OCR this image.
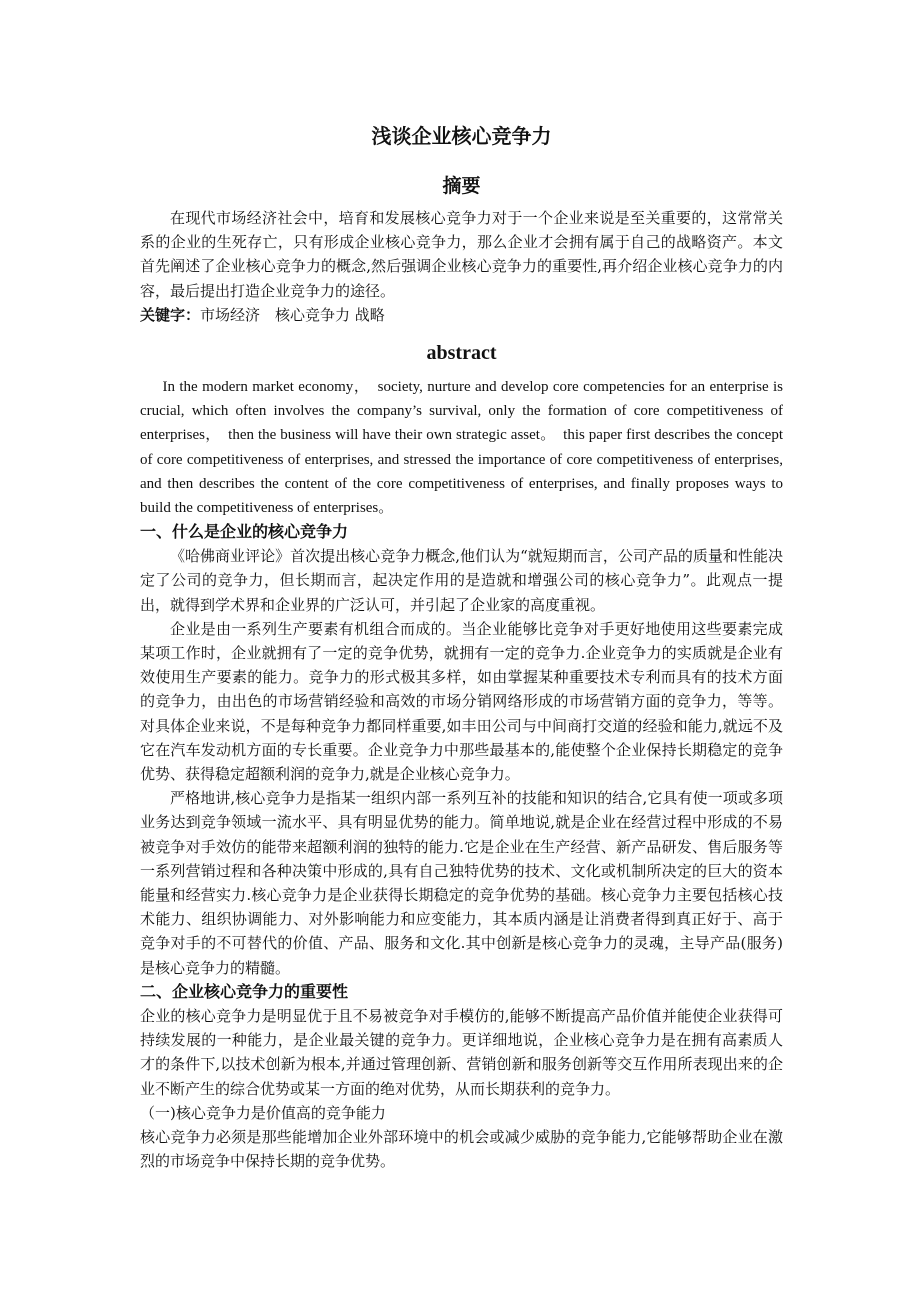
浅谈企业核心竞争力
摘要

在现代市场经济社会中，培育和发展核心竞争力对于一个企业来说是至关重要的，这常常关系的企业的生死存亡，只有形成企业核心竞争力，那么企业才会拥有属于自己的战略资产。本文首先阐述了企业核心竞争力的概念,然后强调企业核心竞争力的重要性,再介绍企业核心竞争力的内容，最后提出打造企业竞争力的途径。

关键字：市场经济　核心竞争力 战略

abstract

In the modern market economy，　society, nurture and develop core competencies for an enterprise is crucial, which often involves the company’s survival, only the formation of core competitiveness of enterprises，　then the business will have their own strategic asset。　this paper first describes the concept of core competitiveness of enterprises, and stressed the importance of core competitiveness of enterprises, and then describes the content of the core competitiveness of enterprises, and finally proposes ways to build the competitiveness of enterprises。

一、什么是企业的核心竞争力

《哈佛商业评论》首次提出核心竞争力概念,他们认为“就短期而言，公司产品的质量和性能决定了公司的竞争力，但长期而言，起决定作用的是造就和增强公司的核心竞争力”。此观点一提出，就得到学术界和企业界的广泛认可，并引起了企业家的高度重视。

企业是由一系列生产要素有机组合而成的。当企业能够比竞争对手更好地使用这些要素完成某项工作时，企业就拥有了一定的竞争优势，就拥有一定的竞争力.企业竞争力的实质就是企业有效使用生产要素的能力。竞争力的形式极其多样，如由掌握某种重要技术专利而具有的技术方面的竞争力，由出色的市场营销经验和高效的市场分销网络形成的市场营销方面的竞争力，等等。对具体企业来说，不是每种竞争力都同样重要,如丰田公司与中间商打交道的经验和能力,就远不及它在汽车发动机方面的专长重要。企业竞争力中那些最基本的,能使整个企业保持长期稳定的竞争优势、获得稳定超额利润的竞争力,就是企业核心竞争力。

严格地讲,核心竞争力是指某一组织内部一系列互补的技能和知识的结合,它具有使一项或多项业务达到竞争领域一流水平、具有明显优势的能力。简单地说,就是企业在经营过程中形成的不易被竞争对手效仿的能带来超额利润的独特的能力.它是企业在生产经营、新产品研发、售后服务等一系列营销过程和各种决策中形成的,具有自己独特优势的技术、文化或机制所决定的巨大的资本能量和经营实力.核心竞争力是企业获得长期稳定的竞争优势的基础。核心竞争力主要包括核心技术能力、组织协调能力、对外影响能力和应变能力，其本质内涵是让消费者得到真正好于、高于竞争对手的不可替代的价值、产品、服务和文化.其中创新是核心竞争力的灵魂，主导产品(服务)是核心竞争力的精髓。

二、企业核心竞争力的重要性

企业的核心竞争力是明显优于且不易被竞争对手模仿的,能够不断提高产品价值并能使企业获得可持续发展的一种能力，是企业最关键的竞争力。更详细地说，企业核心竞争力是在拥有高素质人才的条件下,以技术创新为根本,并通过管理创新、营销创新和服务创新等交互作用所表现出来的企业不断产生的综合优势或某一方面的绝对优势，从而长期获利的竞争力。

（一)核心竞争力是价值高的竞争能力

核心竞争力必须是那些能增加企业外部环境中的机会或减少威胁的竞争能力,它能够帮助企业在激烈的市场竞争中保持长期的竞争优势。
